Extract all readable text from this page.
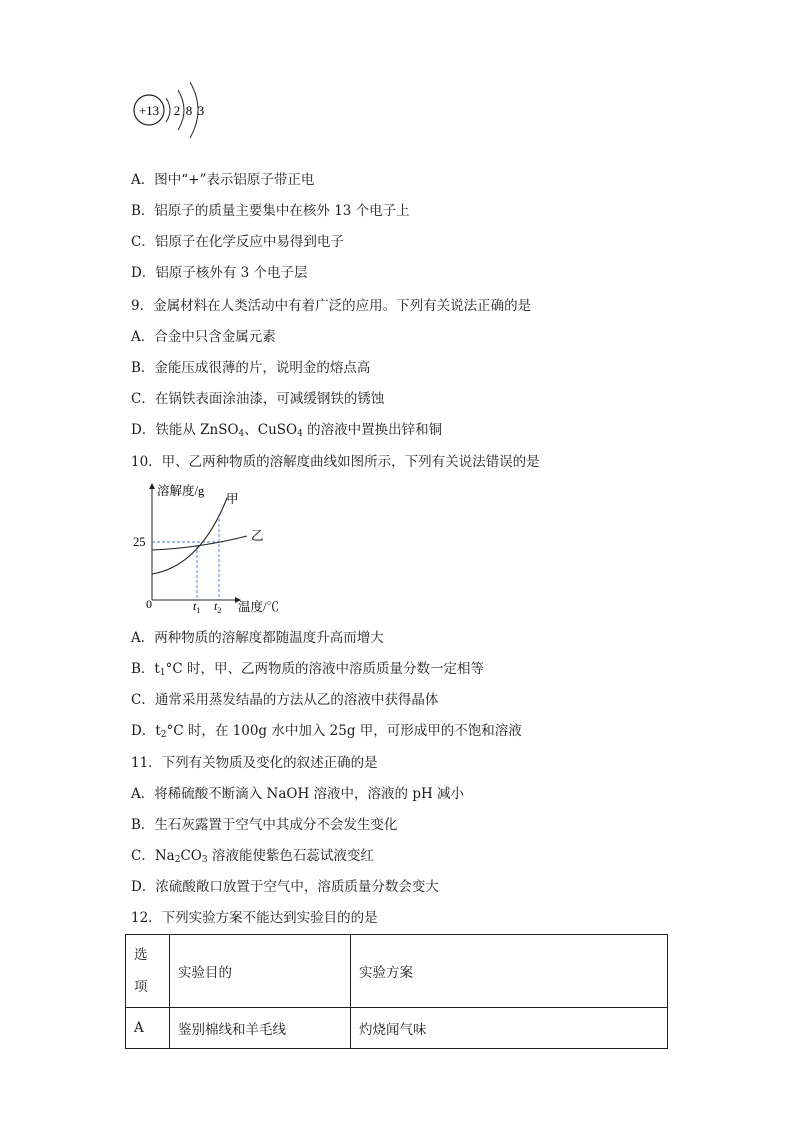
+13 2 8 3
A．图中“+”表示铝原子带正电
B．铝原子的质量主要集中在核外 13 个电子上
C．铝原子在化学反应中易得到电子
D．铝原子核外有 3 个电子层
9．金属材料在人类活动中有着广泛的应用。下列有关说法正确的是
A．合金中只含金属元素
B．金能压成很薄的片，说明金的熔点高
C．在锅铁表面涂油漆，可减缓钢铁的锈蚀
D．铁能从 ZnSO$_4$、CuSO$_4$ 的溶液中置换出锌和铜
10．甲、乙两种物质的溶解度曲线如图所示，下列有关说法错误的是
溶解度/g
温度/℃
0
25
甲
乙
$t_1$ $t_2$
A．两种物质的溶解度都随温度升高而增大
B．$t_1^\circ C$ 时，甲、乙两物质的溶液中溶质质量分数一定相等
C．通常采用蒸发结晶的方法从乙的溶液中获得晶体
D．$t_2^\circ C$ 时，在 100g 水中加入 25g 甲，可形成甲的不饱和溶液
11．下列有关物质及变化的叙述正确的是
A．将稀硫酸不断滴入 NaOH 溶液中，溶液的 pH 减小
B．生石灰露置于空气中其成分不会发生变化
C．$Na_2CO_3$ 溶液能使紫色石蕊试液变红
D．浓硫酸敞口放置于空气中，溶质质量分数会变大
12．下列实验方案不能达到实验目的的是
选
项	实验目的	实验方案
A	鉴别棉线和羊毛线	灼烧闻气味
